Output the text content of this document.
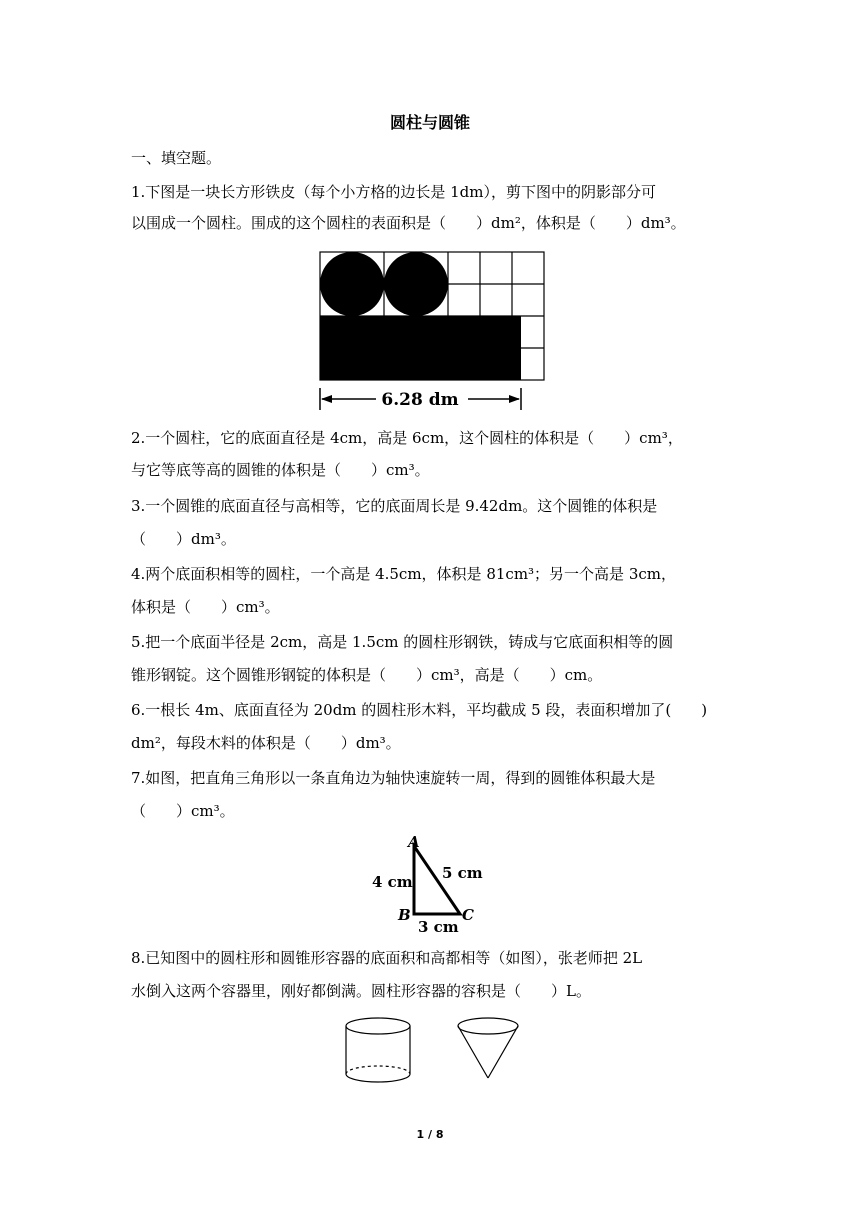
圆柱与圆锥
一、填空题。
1.下图是一块长方形铁皮（每个小方格的边长是 1dm），剪下图中的阴影部分可
以围成一个圆柱。围成的这个圆柱的表面积是（　　）dm²，体积是（　　）dm³。
6.28 dm
2.一个圆柱，它的底面直径是 4cm，高是 6cm，这个圆柱的体积是（　　）cm³，
与它等底等高的圆锥的体积是（　　）cm³。
3.一个圆锥的底面直径与高相等，它的底面周长是 9.42dm。这个圆锥的体积是
（　　）dm³。
4.两个底面积相等的圆柱，一个高是 4.5cm，体积是 81cm³；另一个高是 3cm，
体积是（　　）cm³。
5.把一个底面半径是 2cm，高是 1.5cm 的圆柱形钢铁，铸成与它底面积相等的圆
锥形钢锭。这个圆锥形钢锭的体积是（　　）cm³，高是（　　）cm。
6.一根长 4m、底面直径为 20dm 的圆柱形木料，平均截成 5 段，表面积增加了(　　)
dm²，每段木料的体积是（　　）dm³。
7.如图，把直角三角形以一条直角边为轴快速旋转一周，得到的圆锥体积最大是
（　　）cm³。
A
B	C
4 cm 5 cm
3 cm
8.已知图中的圆柱形和圆锥形容器的底面积和高都相等（如图），张老师把 2L
水倒入这两个容器里，刚好都倒满。圆柱形容器的容积是（　　）L。
1 / 8
